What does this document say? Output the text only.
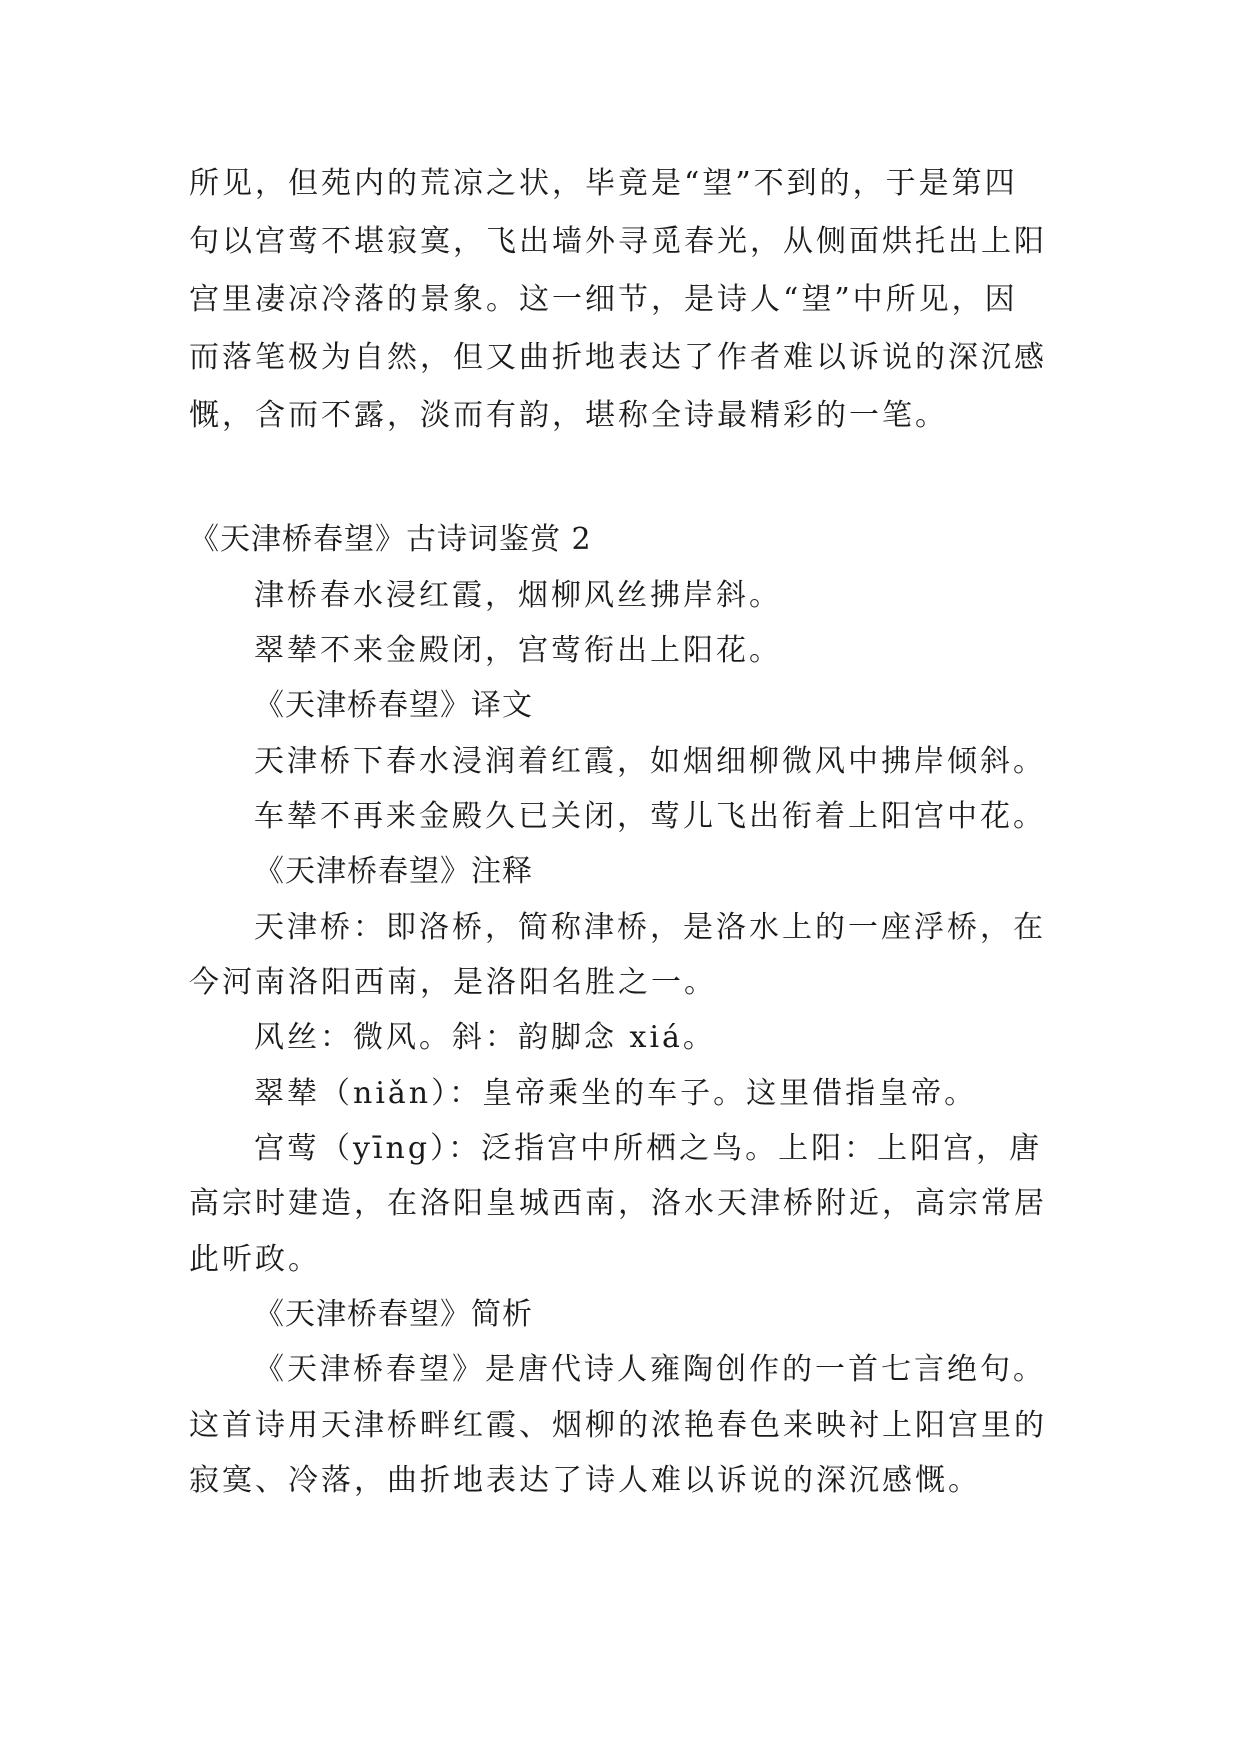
所见，但苑内的荒凉之状，毕竟是“望”不到的，于是第四
句以宫莺不堪寂寞，飞出墙外寻觅春光，从侧面烘托出上阳
宫里凄凉冷落的景象。这一细节，是诗人“望”中所见，因
而落笔极为自然，但又曲折地表达了作者难以诉说的深沉感
慨，含而不露，淡而有韵，堪称全诗最精彩的一笔。
《天津桥春望》古诗词鉴赏 2
津桥春水浸红霞，烟柳风丝拂岸斜。
翠辇不来金殿闭，宫莺衔出上阳花。
《天津桥春望》译文
天津桥下春水浸润着红霞，如烟细柳微风中拂岸倾斜。
车辇不再来金殿久已关闭，莺儿飞出衔着上阳宫中花。
《天津桥春望》注释
天津桥：即洛桥，简称津桥，是洛水上的一座浮桥，在
今河南洛阳西南，是洛阳名胜之一。
风丝：微风。斜：韵脚念 xiá。
翠辇（niǎn）：皇帝乘坐的车子。这里借指皇帝。
宫莺（yīng）：泛指宫中所栖之鸟。上阳：上阳宫，唐
高宗时建造，在洛阳皇城西南，洛水天津桥附近，高宗常居
此听政。
《天津桥春望》简析
《天津桥春望》是唐代诗人雍陶创作的一首七言绝句。
这首诗用天津桥畔红霞、烟柳的浓艳春色来映衬上阳宫里的
寂寞、冷落，曲折地表达了诗人难以诉说的深沉感慨。
